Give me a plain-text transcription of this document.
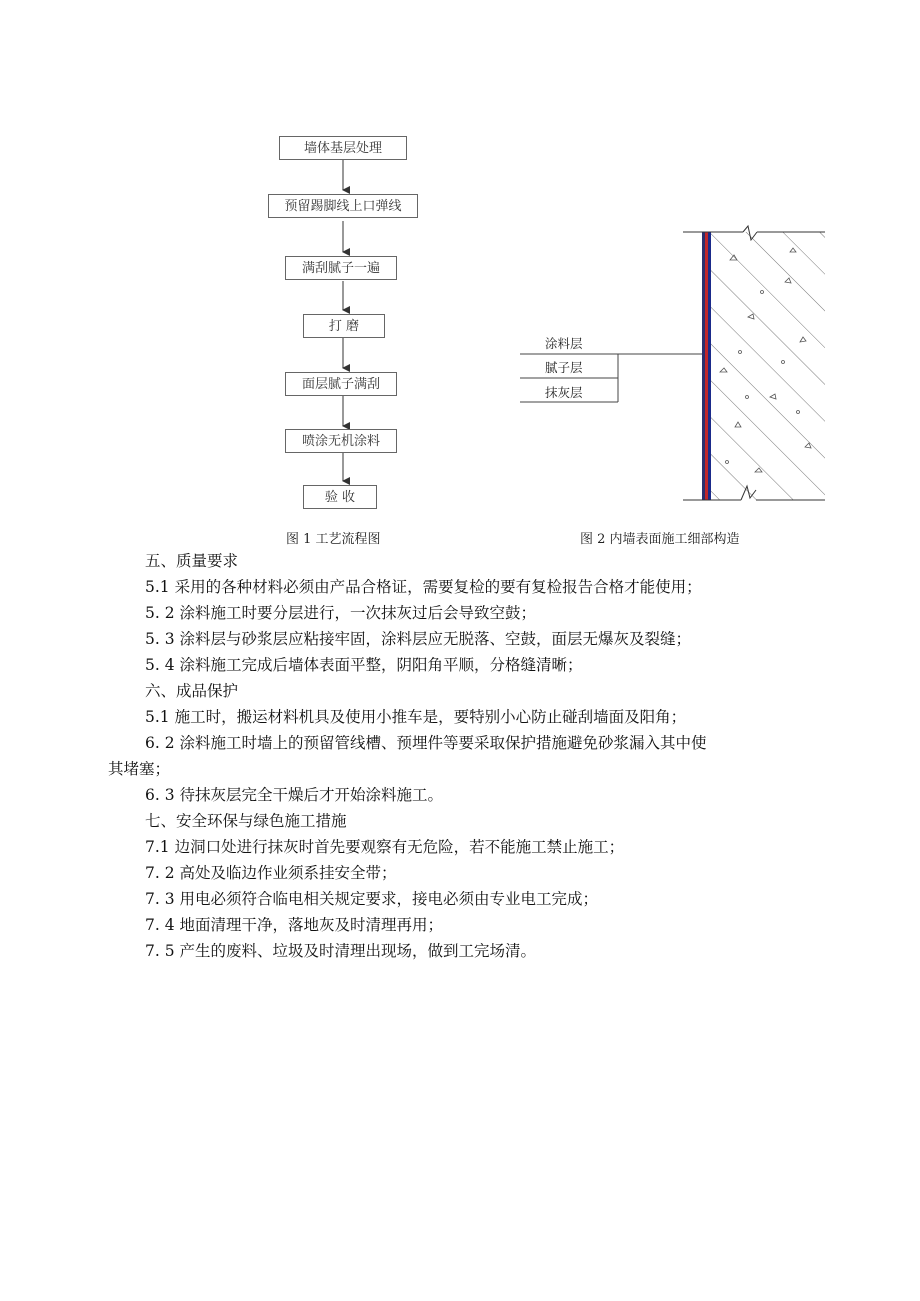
墙体基层处理
预留踢脚线上口弹线
满刮腻子一遍
打 磨
面层腻子满刮
喷涂无机涂料
验 收
涂料层
腻子层
抹灰层
图 1 工艺流程图	图 2 内墙表面施工细部构造
五、质量要求
5.1 采用的各种材料必须由产品合格证，需要复检的要有复检报告合格才能使用；
5. 2 涂料施工时要分层进行，一次抹灰过后会导致空鼓；
5. 3 涂料层与砂浆层应粘接牢固，涂料层应无脱落、空鼓，面层无爆灰及裂缝；
5. 4 涂料施工完成后墙体表面平整，阴阳角平顺，分格缝清晰；
六、成品保护
5.1 施工时，搬运材料机具及使用小推车是，要特别小心防止碰刮墙面及阳角；
6. 2 涂料施工时墙上的预留管线槽、预埋件等要采取保护措施避免砂浆漏入其中使
其堵塞；
6. 3 待抹灰层完全干燥后才开始涂料施工。
七、安全环保与绿色施工措施
7.1 边洞口处进行抹灰时首先要观察有无危险，若不能施工禁止施工；
7. 2 高处及临边作业须系挂安全带；
7. 3 用电必须符合临电相关规定要求，接电必须由专业电工完成；
7. 4 地面清理干净，落地灰及时清理再用；
7. 5 产生的废料、垃圾及时清理出现场，做到工完场清。
